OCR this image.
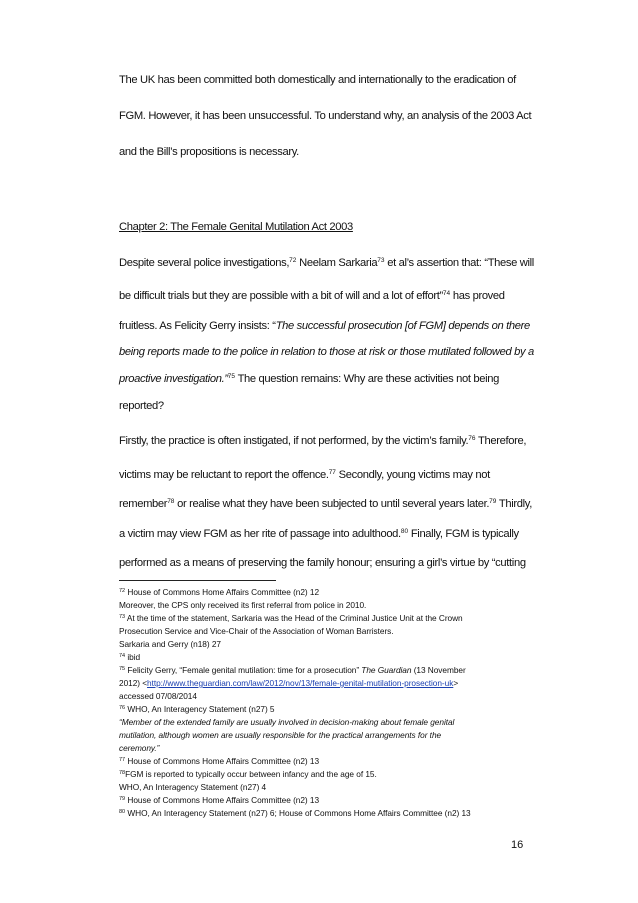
The UK has been committed both domestically and internationally to the eradication of
FGM. However, it has been unsuccessful. To understand why, an analysis of the 2003 Act
and the Bill’s propositions is necessary.
Chapter 2: The Female Genital Mutilation Act 2003
Despite several police investigations,$^{72}$ Neelam Sarkaria$^{73}$ et al’s assertion that: “These will
be difficult trials but they are possible with a bit of will and a lot of effort”$^{74}$ has proved
fruitless. As Felicity Gerry insists: “The successful prosecution [of FGM] depends on there
being reports made to the police in relation to those at risk or those mutilated followed by a
proactive investigation.”$^{75}$ The question remains: Why are these activities not being
reported?
Firstly, the practice is often instigated, if not performed, by the victim’s family.$^{76}$ Therefore,
victims may be reluctant to report the offence.$^{77}$ Secondly, young victims may not
remember$^{78}$ or realise what they have been subjected to until several years later.$^{79}$ Thirdly,
$^{72}$ House of Commons Home Affairs Committee (n2) 12
Moreover, the CPS only received its first referral from police in 2010.
$^{73}$ At the time of the statement, Sarkaria was the Head of the Criminal Justice Unit at the Crown
Prosecution Service and Vice-Chair of the Association of Woman Barristers.
Sarkaria and Gerry (n18) 27
$^{74}$ ibid
$^{75}$ Felicity Gerry, “Female genital mutilation: time for a prosecution” The Guardian (13 November
2012) <http://www.theguardian.com/law/2012/nov/13/female-genital-mutilation-prosection-uk>
accessed 07/08/2014
$^{76}$ WHO, An Interagency Statement (n27) 5
“Member of the extended family are usually involved in decision-making about female genital
mutilation, although women are usually responsible for the practical arrangements for the
ceremony.”
$^{77}$ House of Commons Home Affairs Committee (n2) 13
$^{78}$FGM is reported to typically occur between infancy and the age of 15.
WHO, An Interagency Statement (n27) 4
$^{79}$ House of Commons Home Affairs Committee (n2) 13
$^{80}$ WHO, An Interagency Statement (n27) 6; House of Commons Home Affairs Committee (n2) 13
16
a victim may view FGM as her rite of passage into adulthood.$^{80}$ Finally, FGM is typically
performed as a means of preserving the family honour; ensuring a girl’s virtue by “cutting
